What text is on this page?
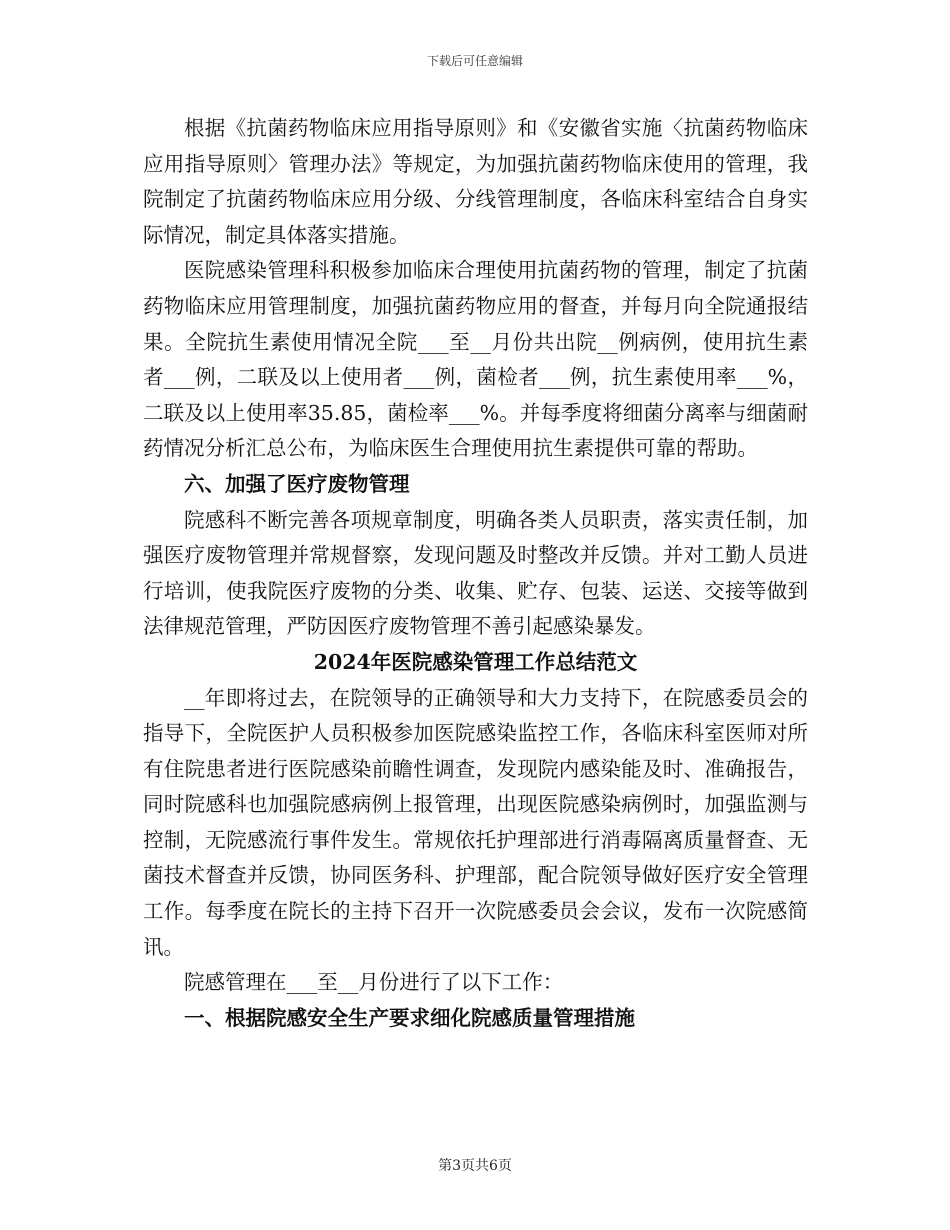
下载后可任意编辑

根据《抗菌药物临床应用指导原则》和《安徽省实施〈抗菌药物临床应用指导原则〉管理办法》等规定，为加强抗菌药物临床使用的管理，我院制定了抗菌药物临床应用分级、分线管理制度，各临床科室结合自身实际情况，制定具体落实措施。

医院感染管理科积极参加临床合理使用抗菌药物的管理，制定了抗菌药物临床应用管理制度，加强抗菌药物应用的督查，并每月向全院通报结果。全院抗生素使用情况全院___至__月份共出院__例病例，使用抗生素者___例，二联及以上使用者___例，菌检者___例，抗生素使用率___%，二联及以上使用率35.85，菌检率___%。并每季度将细菌分离率与细菌耐药情况分析汇总公布，为临床医生合理使用抗生素提供可靠的帮助。

六、加强了医疗废物管理

院感科不断完善各项规章制度，明确各类人员职责，落实责任制，加强医疗废物管理并常规督察，发现问题及时整改并反馈。并对工勤人员进行培训，使我院医疗废物的分类、收集、贮存、包装、运送、交接等做到法律规范管理，严防因医疗废物管理不善引起感染暴发。

2024年医院感染管理工作总结范文

__年即将过去，在院领导的正确领导和大力支持下，在院感委员会的指导下，全院医护人员积极参加医院感染监控工作，各临床科室医师对所有住院患者进行医院感染前瞻性调查，发现院内感染能及时、准确报告，同时院感科也加强院感病例上报管理，出现医院感染病例时，加强监测与控制，无院感流行事件发生。常规依托护理部进行消毒隔离质量督查、无菌技术督查并反馈，协同医务科、护理部，配合院领导做好医疗安全管理工作。每季度在院长的主持下召开一次院感委员会会议，发布一次院感简讯。

院感管理在___至__月份进行了以下工作：

一、根据院感安全生产要求细化院感质量管理措施

第3页共6页
